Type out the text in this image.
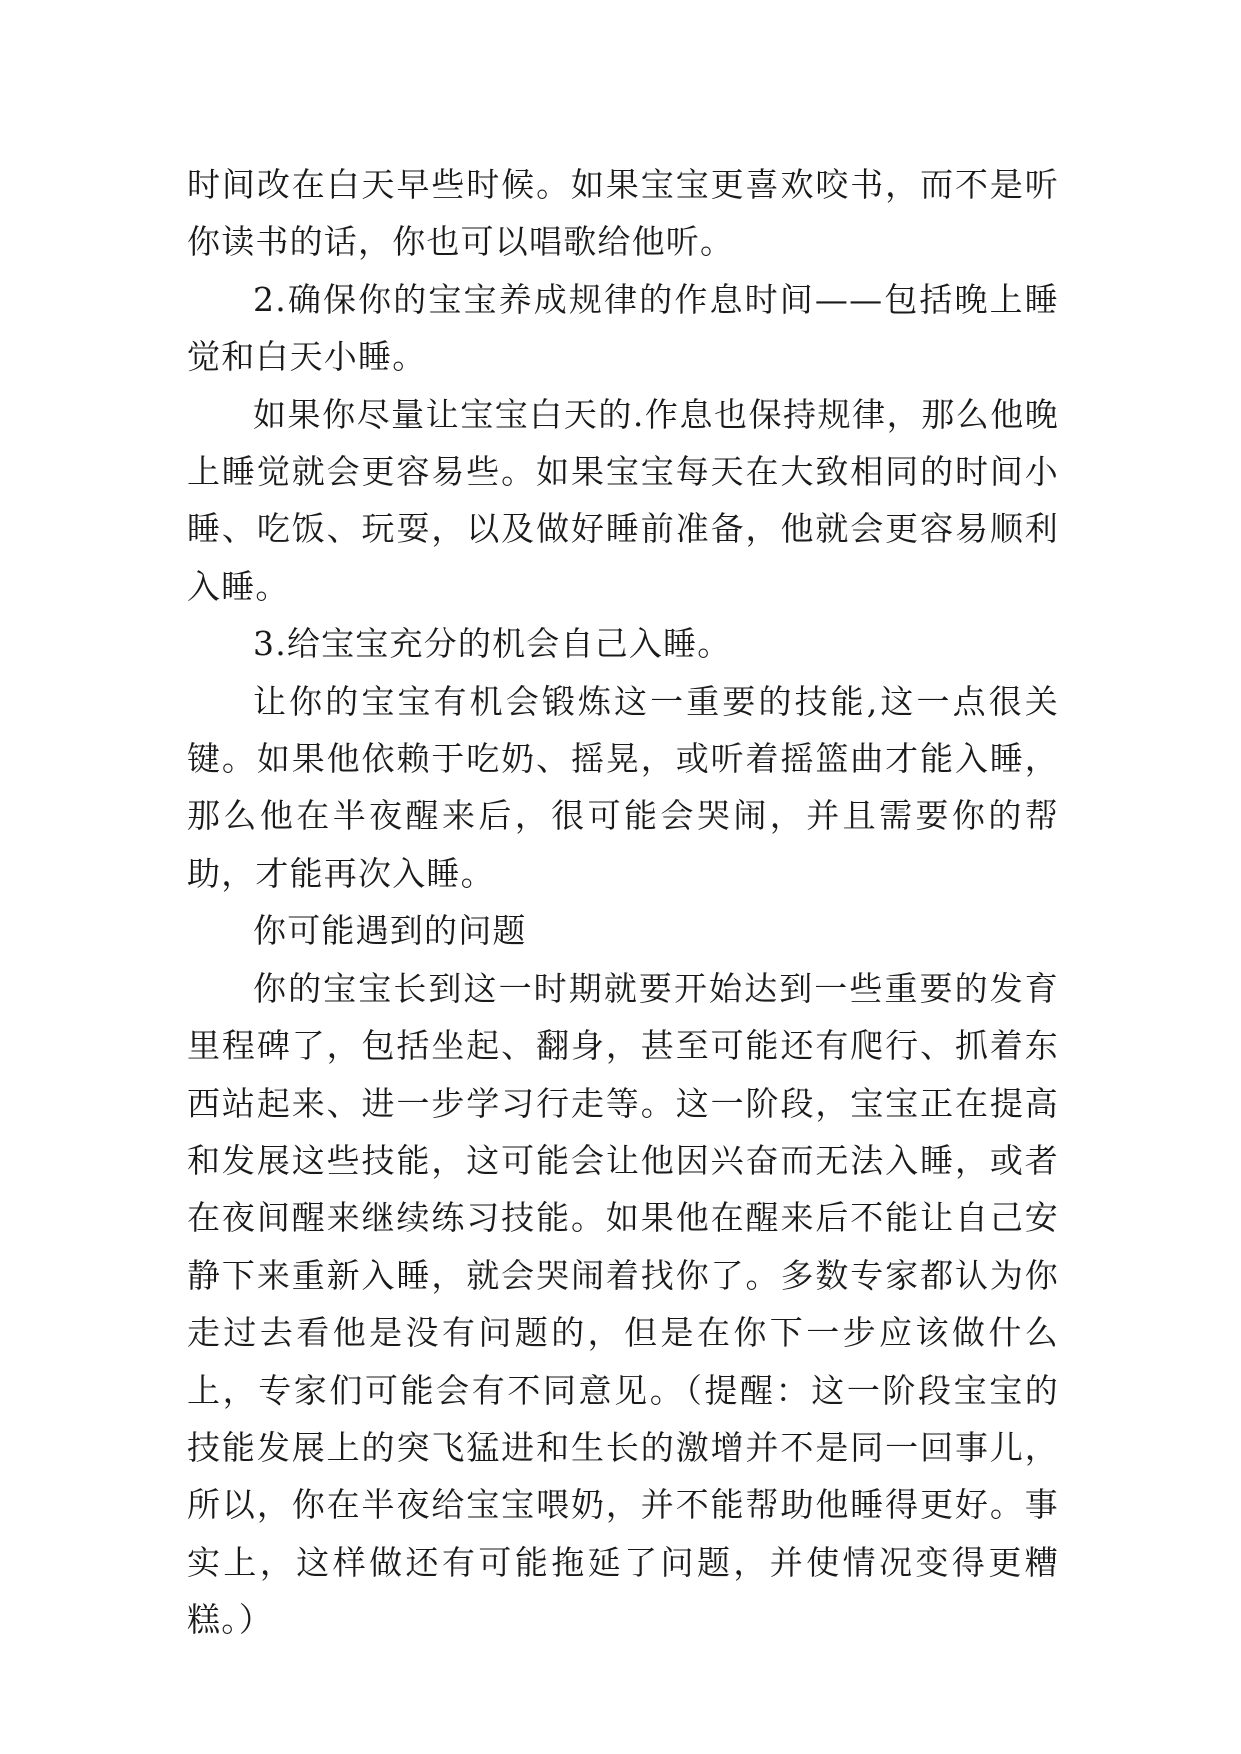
时间改在白天早些时候。如果宝宝更喜欢咬书，而不是听你读书的话，你也可以唱歌给他听。

2.确保你的宝宝养成规律的作息时间——包括晚上睡觉和白天小睡。

如果你尽量让宝宝白天的.作息也保持规律，那么他晚上睡觉就会更容易些。如果宝宝每天在大致相同的时间小睡、吃饭、玩耍，以及做好睡前准备，他就会更容易顺利入睡。

3.给宝宝充分的机会自己入睡。

让你的宝宝有机会锻炼这一重要的技能,这一点很关键。如果他依赖于吃奶、摇晃，或听着摇篮曲才能入睡，那么他在半夜醒来后，很可能会哭闹，并且需要你的帮助，才能再次入睡。

你可能遇到的问题

你的宝宝长到这一时期就要开始达到一些重要的发育里程碑了，包括坐起、翻身，甚至可能还有爬行、抓着东西站起来、进一步学习行走等。这一阶段，宝宝正在提高和发展这些技能，这可能会让他因兴奋而无法入睡，或者在夜间醒来继续练习技能。如果他在醒来后不能让自己安静下来重新入睡，就会哭闹着找你了。多数专家都认为你走过去看他是没有问题的，但是在你下一步应该做什么上，专家们可能会有不同意见。（提醒：这一阶段宝宝的技能发展上的突飞猛进和生长的激增并不是同一回事儿，所以，你在半夜给宝宝喂奶，并不能帮助他睡得更好。事实上，这样做还有可能拖延了问题，并使情况变得更糟糕。）
